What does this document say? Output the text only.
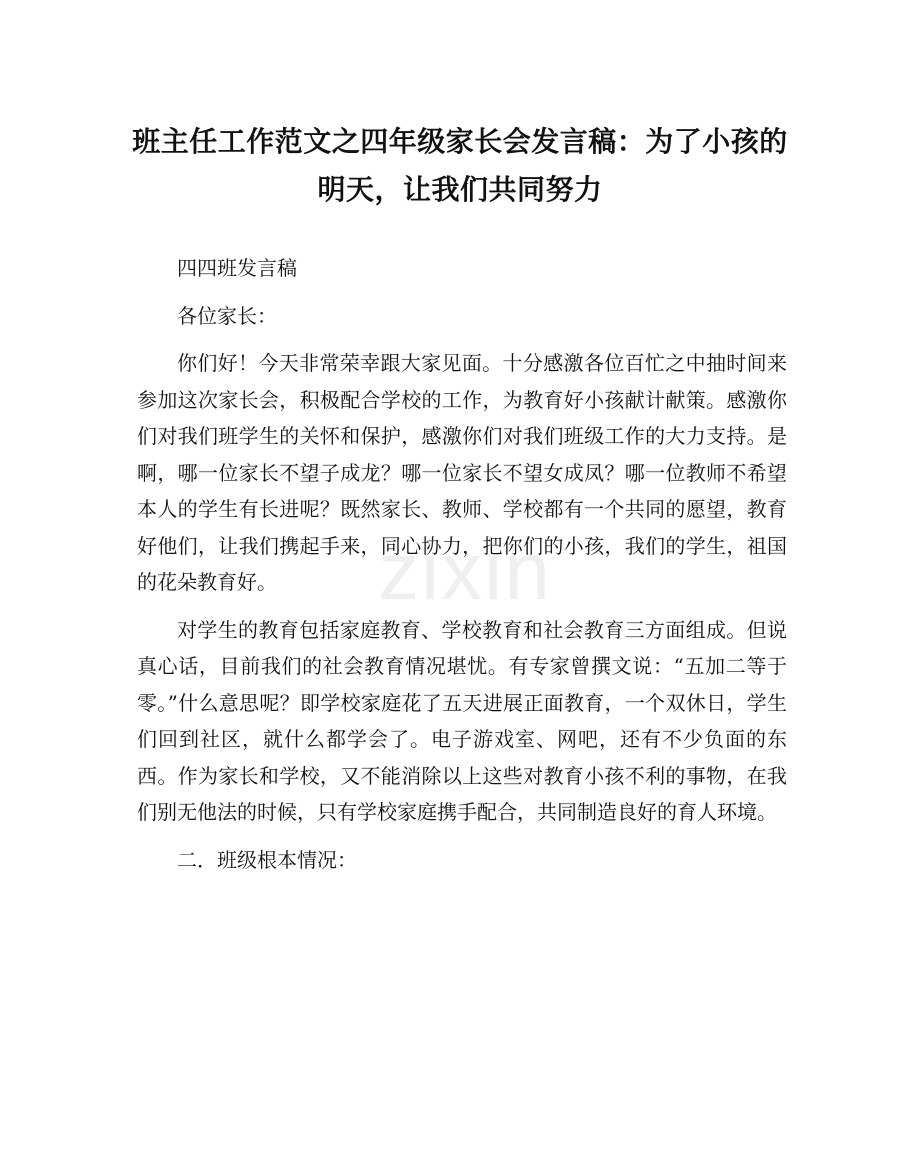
班主任工作范文之四年级家长会发言稿：为了小孩的明天，让我们共同努力

四四班发言稿

各位家长：

你们好！今天非常荣幸跟大家见面。十分感激各位百忙之中抽时间来参加这次家长会，积极配合学校的工作，为教育好小孩献计献策。感激你们对我们班学生的关怀和保护，感激你们对我们班级工作的大力支持。是啊，哪一位家长不望子成龙？哪一位家长不望女成凤？哪一位教师不希望本人的学生有长进呢？既然家长、教师、学校都有一个共同的愿望，教育好他们，让我们携起手来，同心协力，把你们的小孩，我们的学生，祖国的花朵教育好。

对学生的教育包括家庭教育、学校教育和社会教育三方面组成。但说真心话，目前我们的社会教育情况堪忧。有专家曾撰文说：“五加二等于零。”什么意思呢？即学校家庭花了五天进展正面教育，一个双休日，学生们回到社区，就什么都学会了。电子游戏室、网吧，还有不少负面的东西。作为家长和学校，又不能消除以上这些对教育小孩不利的事物，在我们别无他法的时候，只有学校家庭携手配合，共同制造良好的育人环境。

二．班级根本情况：

zixin
